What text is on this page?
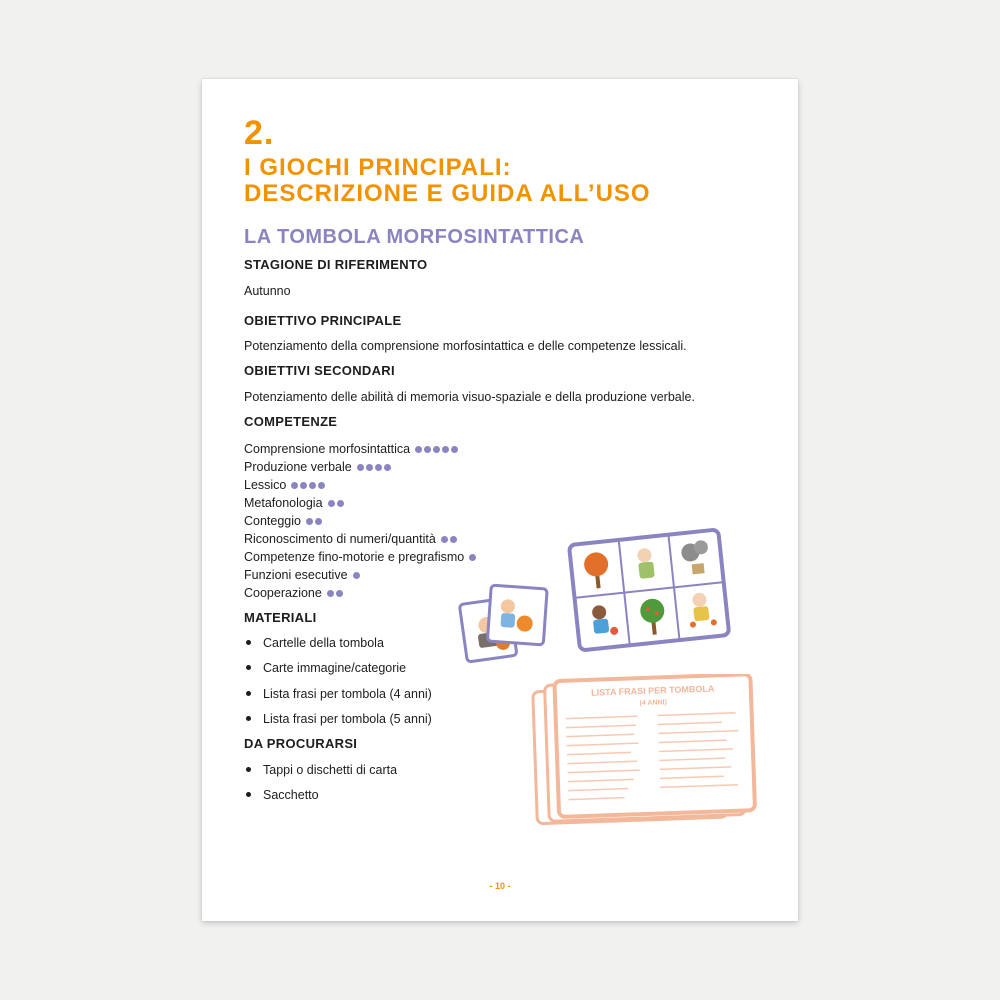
2.
I GIOCHI PRINCIPALI:
DESCRIZIONE E GUIDA ALL’USO
LA TOMBOLA MORFOSINTATTICA
STAGIONE DI RIFERIMENTO
Autunno
OBIETTIVO PRINCIPALE
Potenziamento della comprensione morfosintattica e delle competenze lessicali.
OBIETTIVI SECONDARI
Potenziamento delle abilità di memoria visuo-spaziale e della produzione verbale.
COMPETENZE
Comprensione morfosintattica
Produzione verbale
Lessico
Metafonologia
Conteggio
Riconoscimento di numeri/quantità
Competenze fino-motorie e pregrafismo
Funzioni esecutive
Cooperazione
MATERIALI
Cartelle della tombola
Carte immagine/categorie
Lista frasi per tombola (4 anni)
Lista frasi per tombola (5 anni)
DA PROCURARSI
Tappi o dischetti di carta
Sacchetto
LISTA FRASI PER TOMBOLA
(4 ANNI)
- 10 -
